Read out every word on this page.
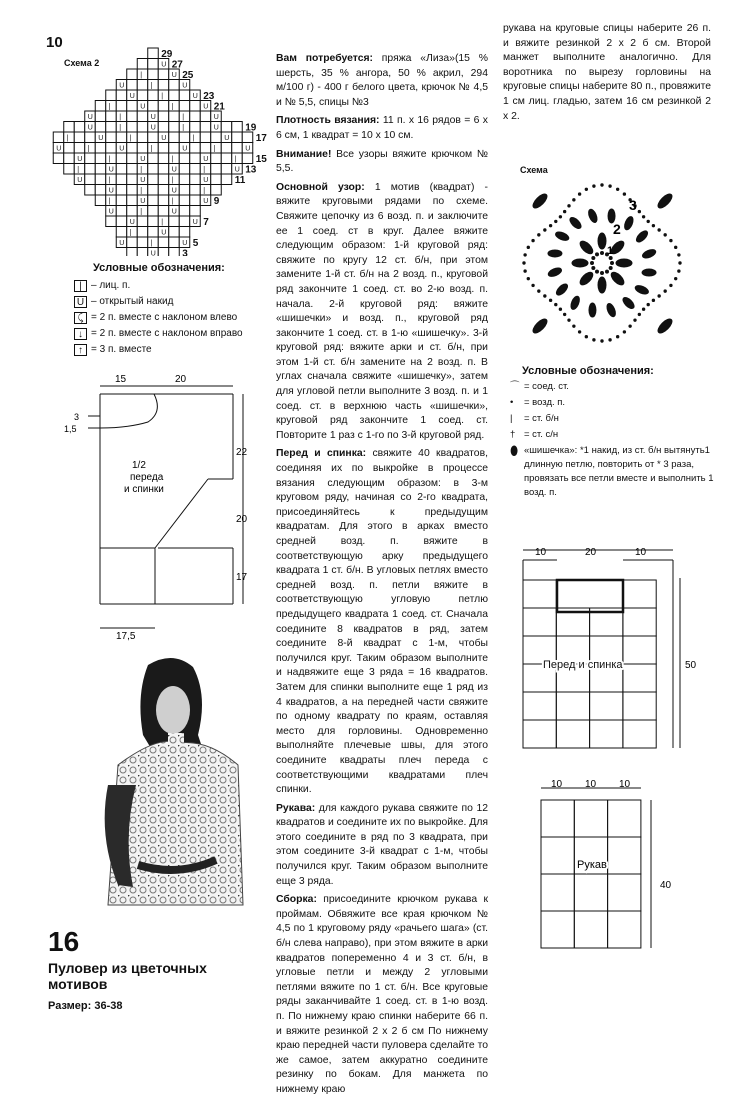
10
Схема 2	U
|	U
U	|	U
U	|	U
|	U	|	U
U	|	U	|	U
U	|	U	|	U
|	U	|	U	|	U
U	|	U	|	U	|	U
U	|	U	|	U	|
|	U	|	U	|	U
U	|	U	|	U
U	|	U	|
|	U	|	U
U	|	U
U	|	U
|	U
U	|	U
U
29
27
25
23
21
19
17
15
13
11
9
7
5
3
Условные обозначения:
| – лиц. п.
U – открытый накид
⤹ = 2 п. вместе с наклоном влево
↓ = 2 п. вместе с наклоном вправо
↑ = 3 п. вместе
15	20
3
1,5
22
20
17
17,5
1/2
переда
и спинки
16
Пуловер из цветочных
мотивов
Размер: 36-38

Вам потребуется: пряжа «Лиза»(15 % шерсть, 35 % ангора, 50 % акрил, 294 м/100 г) - 400 г белого цвета, крючок № 4,5 и № 5,5, спицы №3

Плотность вязания: 11 п. х 16 рядов = 6 х 6 см, 1 квадрат = 10 х 10 см.

Внимание! Все узоры вяжите крючком № 5,5.

Основной узор: 1 мотив (квадрат) - вяжите круговыми рядами по схеме. Свяжите цепочку из 6 возд. п. и заключите ее 1 соед. ст в круг. Далее вяжите следующим образом: 1-й круговой ряд: свяжите по кругу 12 ст. б/н, при этом замените 1-й ст. б/н на 2 возд. п., круговой ряд закончите 1 соед. ст. во 2-ю возд. п. начала. 2-й круговой ряд: вяжите «шишечки» и возд. п., круговой ряд закончите 1 соед. ст. в 1-ю «шишечку». 3-й круговой ряд: вяжите арки и ст. б/н, при этом 1-й ст. б/н замените на 2 возд. п. В углах сначала свяжите «шишечку», затем для угловой петли выполните 3 возд. п. и 1 соед. ст. в верхнюю часть «шишечки», круговой ряд закончите 1 соед. ст. Повторите 1 раз с 1-го по 3-й круговой ряд.

Перед и спинка: свяжите 40 квадратов, соединяя их по выкройке в процессе вязания следующим образом: в 3-м круговом ряду, начиная со 2-го квадрата, присоединяйтесь к предыдущим квадратам. Для этого в арках вместо средней возд. п. вяжите в соответствующую арку предыдущего квадрата 1 ст. б/н. В угловых петлях вместо средней возд. п. петли вяжите в соответствующую угловую петлю предыдущего квадрата 1 соед. ст. Сначала соедините 8 квадратов в ряд, затем соедините 8-й квадрат с 1-м, чтобы получился круг. Таким образом выполните и надвяжите еще 3 ряда = 16 квадратов. Затем для спинки выполните еще 1 ряд из 4 квадратов, а на передней части свяжите по одному квадрату по краям, оставляя место для горловины. Одновременно выполняйте плечевые швы, для этого соедините квадраты плеч переда с соответствующими квадратами плеч спинки.

Рукава: для каждого рукава свяжите по 12 квадратов и соедините их по выкройке. Для этого соедините в ряд по 3 квадрата, при этом соедините 3-й квадрат с 1-м, чтобы получился круг. Таким образом выполните еще 3 ряда.

Сборка: присоедините крючком рукава к проймам. Обвяжите все края крючком № 4,5 по 1 круговому ряду «рачьего шага» (ст. б/н слева направо), при этом вяжите в арки квадратов попеременно 4 и 3 ст. б/н, в угловые петли и между 2 угловыми петлями вяжите по 1 ст. б/н. Все круговые ряды заканчивайте 1 соед. ст. в 1-ю возд. п. По нижнему краю спинки наберите 66 п. и вяжите резинкой 2 х 2 б см По нижнему краю передней части пуловера сделайте то же самое, затем аккуратно соедините резинку по бокам. Для манжета по нижнему краю

рукава на круговые спицы наберите 26 п. и вяжите резинкой 2 х 2 б см. Второй манжет выполните аналогично. Для воротника по вырезу горловины на круговые спицы наберите 80 п., провяжите 1 см лиц. гладью, затем 16 см резинкой 2 х 2.
Схема
3
2
1
Условные обозначения:
⌒ = соед. ст.
•	= возд. п.
|	= ст. б/н
† = ст. с/н
⬮ «шишечка»: *1 накид, из ст. б/н вытянуть1 длинную петлю, повторить от * 3 раза, провязать все петли вместе и выполнить 1 возд. п.
10	20	10
50
Перед и спинка
10 10 10
40
Рукав
